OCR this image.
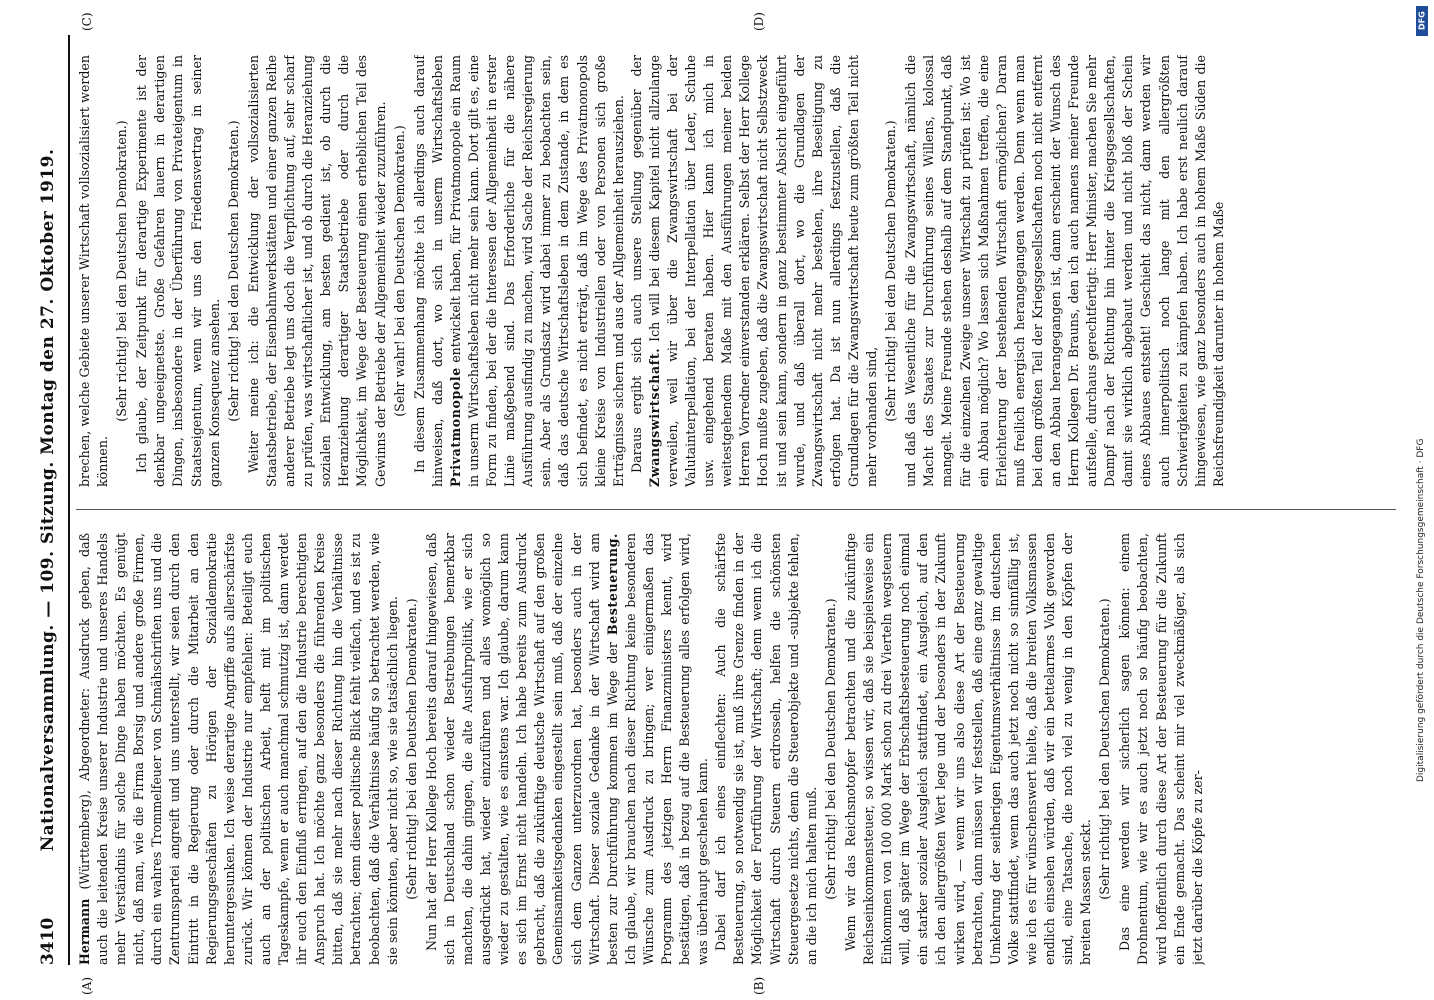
3410
Nationalversammlung. — 109. Sitzung. Montag den 27. Oktober 1919.
(A)	(B)
(C)	(D)

Hermann (Württemberg), Abgeordneter: Ausdruck geben, daß auch die leitenden Kreise unserer Industrie und unseres Handels mehr Verständnis für solche Dinge haben möchten. Es genügt nicht, daß man, wie die Firma Borsig und andere große Firmen, durch ein wahres Trommelfeuer von Schmähschriften uns und die Zentrumspartei angreift und uns unterstellt, wir seien durch den Eintritt in die Regierung oder durch die Mitarbeit an den Regierungsgeschäften zu Hörigen der Sozialdemokratie heruntergesunken. Ich weise derartige Angriffe aufs allerschärfste zurück. Wir können der Industrie nur empfehlen: Beteiligt euch auch an der politischen Arbeit, helft mit im politischen Tageskampfe, wenn er auch manchmal schmutzig ist, dann werdet ihr euch den Einfluß erringen, auf den die Industrie berechtigten Anspruch hat. Ich möchte ganz besonders die führenden Kreise bitten, daß sie mehr nach dieser Richtung hin die Verhältnisse betrachten; denn dieser politische Blick fehlt vielfach, und es ist zu beobachten, daß die Verhältnisse häufig so betrachtet werden, wie sie sein könnten, aber nicht so, wie sie tatsächlich liegen. (Sehr richtig! bei den Deutschen Demokraten.) Nun hat der Herr Kollege Hoch bereits darauf hingewiesen, daß sich in Deutschland schon wieder Bestrebungen bemerkbar machten, die dahin gingen, die alte Ausfuhrpolitik, wie er sich ausgedrückt hat, wieder einzuführen und alles womöglich so wieder zu gestalten, wie es einstens war. Ich glaube, darum kann es sich im Ernst nicht handeln. Ich habe bereits zum Ausdruck gebracht, daß die zukünftige deutsche Wirtschaft auf den großen Gemeinsamkeitsgedanken eingestellt sein muß, daß der einzelne sich dem Ganzen unterzuordnen hat, besonders auch in der Wirtschaft. Dieser soziale Gedanke in der Wirtschaft wird am besten zur Durchführung kommen im Wege der Besteuerung. Ich glaube, wir brauchen nach dieser Richtung keine besonderen Wünsche zum Ausdruck zu bringen; wer einigermaßen das Programm des jetzigen Herrn Finanzministers kennt, wird bestätigen, daß in bezug auf die Besteuerung alles erfolgen wird, was überhaupt geschehen kann. Dabei darf ich eines einflechten: Auch die schärfste Besteuerung, so notwendig sie ist, muß ihre Grenze finden in der Möglichkeit der Fortführung der Wirtschaft; denn wenn ich die Wirtschaft durch Steuern erdrosseln, helfen die schönsten Steuergesetze nichts, denn die Steuerobjekte und -subjekte fehlen, an die ich mich halten muß. (Sehr richtig! bei den Deutschen Demokraten.) Wenn wir das Reichsnotopfer betrachten und die zukünftige Reichseinkommensteuer, so wissen wir, daß sie beispielsweise ein Einkommen von 100 000 Mark schon zu drei Vierteln wegsteuern will, daß später im Wege der Erbschaftsbesteuerung noch einmal ein starker sozialer Ausgleich stattfindet, ein Ausgleich, auf den ich den allergrößten Wert lege und der besonders in der Zukunft wirken wird, — wenn wir uns also diese Art der Besteuerung betrachten, dann müssen wir feststellen, daß eine ganz gewaltige Umkehrung der seitherigen Eigentumsverhältnisse im deutschen Volke stattfindet, wenn das auch jetzt noch nicht so sinnfällig ist, wie ich es für wünschenswert hielte, daß die breiten Volksmassen endlich einsehen würden, daß wir ein bettelarmes Volk geworden sind, eine Tatsache, die noch viel zu wenig in den Köpfen der breiten Massen steckt. (Sehr richtig! bei den Deutschen Demokraten.) Das eine werden wir sicherlich sagen können: einem Drohnentum, wie wir es auch jetzt noch so häufig beobachten, wird hoffentlich durch diese Art der Besteuerung für die Zukunft ein Ende gemacht. Das scheint mir viel zweckmäßiger, als sich jetzt darüber die Köpfe zu zer-

brechen, welche Gebiete unserer Wirtschaft vollsozialisiert werden können.

(Sehr richtig! bei den Deutschen Demokraten.) Ich glaube, der Zeitpunkt für derartige Experimente ist der denkbar ungeeignetste. Große Gefahren lauern in derartigen Dingen, insbesondere in der Überführung von Privateigentum in Staatseigentum, wenn wir uns den Friedensvertrag in seiner ganzen Konsequenz ansehen. (Sehr richtig! bei den Deutschen Demokraten.) Weiter meine ich: die Entwicklung der vollsozialisierten Staatsbetriebe, der Eisenbahnwerkstätten und einer ganzen Reihe anderer Betriebe legt uns doch die Verpflichtung auf, sehr scharf zu prüfen, was wirtschaftlicher ist, und ob durch die Heranziehung sozialen Entwicklung, am besten gedient ist, ob durch die Heranziehung derartiger Staatsbetriebe oder durch die Möglichkeit, im Wege der Besteuerung einen erheblichen Teil des Gewinns der Betriebe der Allgemeinheit wieder zuzuführen. (Sehr wahr! bei den Deutschen Demokraten.) In diesem Zusammenhang möchte ich allerdings auch darauf hinweisen, daß dort, wo sich in unserm Wirtschaftsleben Privatmonopole entwickelt haben, für Privatmonopole ein Raum in unserm Wirtschaftsleben nicht mehr sein kann. Dort gilt es, eine Form zu finden, bei der die Interessen der Allgemeinheit in erster Linie maßgebend sind. Das Erforderliche für die nähere Ausführung ausfindig zu machen, wird Sache der Reichsregierung sein. Aber als Grundsatz wird dabei immer zu beobachten sein, daß das deutsche Wirtschaftsleben in dem Zustande, in dem es sich befindet, es nicht erträgt, daß im Wege des Privatmonopols kleine Kreise von Industriellen oder von Personen sich große Erträgnisse sichern und aus der Allgemeinheit herausziehen. Daraus ergibt sich auch unsere Stellung gegenüber der Zwangswirtschaft. Ich will bei diesem Kapitel nicht allzulange verweilen, weil wir über die Zwangswirtschaft bei der Valutainterpellation, bei der Interpellation über Leder, Schuhe usw. eingehend beraten haben. Hier kann ich mich in weitestgehendem Maße mit den Ausführungen meiner beiden Herren Vorredner einverstanden erklären. Selbst der Herr Kollege Hoch mußte zugeben, daß die Zwangswirtschaft nicht Selbstzweck ist und sein kann, sondern in ganz bestimmter Absicht eingeführt wurde, und daß überall dort, wo die Grundlagen der Zwangswirtschaft nicht mehr bestehen, ihre Beseitigung zu erfolgen hat. Da ist nun allerdings festzustellen, daß die Grundlagen für die Zwangswirtschaft heute zum größten Teil nicht mehr vorhanden sind, (Sehr richtig! bei den Deutschen Demokraten.) und daß das Wesentliche für die Zwangswirtschaft, nämlich die Macht des Staates zur Durchführung seines Willens, kolossal mangelt. Meine Freunde stehen deshalb auf dem Standpunkt, daß für die einzelnen Zweige unserer Wirtschaft zu prüfen ist: Wo ist ein Abbau möglich? Wo lassen sich Maßnahmen treffen, die eine Erleichterung der bestehenden Wirtschaft ermöglichen? Daran muß freilich energisch herangegangen werden. Denn wenn man bei dem größten Teil der Kriegsgesellschaften noch nicht entfernt an den Abbau herangegangen ist, dann erscheint der Wunsch des Herrn Kollegen Dr. Brauns, den ich auch namens meiner Freunde aufstelle, durchaus gerechtfertigt: Herr Minister, machen Sie mehr Dampf nach der Richtung hin hinter die Kriegsgesellschaften, damit sie wirklich abgebaut werden und nicht bloß der Schein eines Abbaues entsteht! Geschieht das nicht, dann werden wir auch innerpolitisch noch lange mit den allergrößten Schwierigkeiten zu kämpfen haben. Ich habe erst neulich darauf hingewiesen, wie ganz besonders auch in hohem Maße Süden die Reichsfreundigkeit darunter in hohem Maße

DFG
Digitalisierung gefördert durch die Deutsche Forschungsgemeinschaft · DFG
